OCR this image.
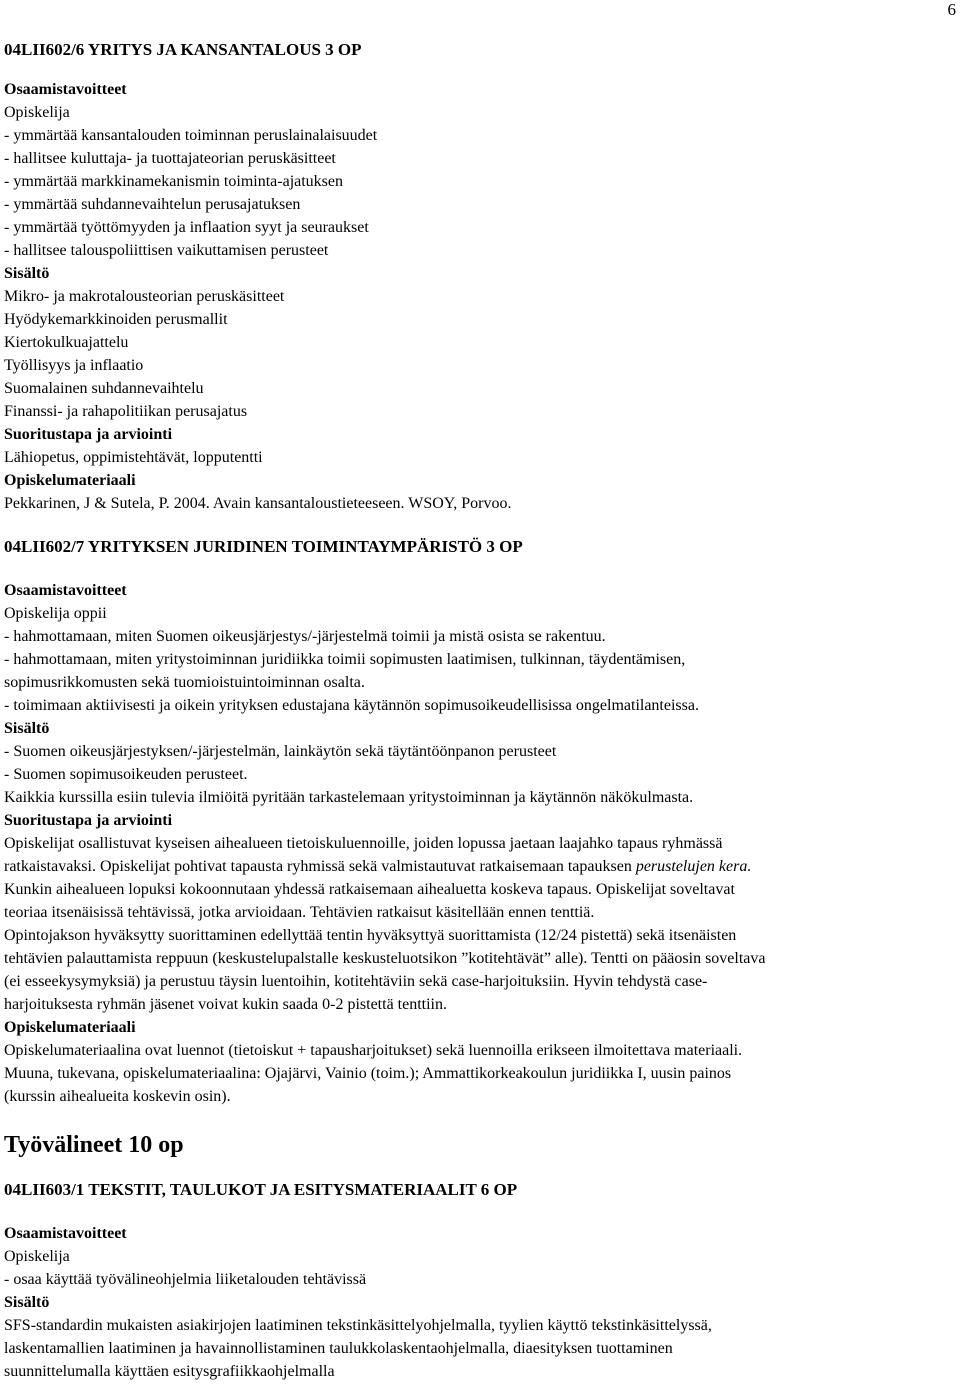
6

04LII602/6 YRITYS JA KANSANTALOUS 3 OP

Osaamistavoitteet

Opiskelija

- ymmärtää kansantalouden toiminnan peruslainalaisuudet

- hallitsee kuluttaja- ja tuottajateorian peruskäsitteet

- ymmärtää markkinamekanismin toiminta-ajatuksen

- ymmärtää suhdannevaihtelun perusajatuksen

- ymmärtää työttömyyden ja inflaation syyt ja seuraukset

- hallitsee talouspoliittisen vaikuttamisen perusteet

Sisältö

Mikro- ja makrotalousteorian peruskäsitteet

Hyödykemarkkinoiden perusmallit

Kiertokulkuajattelu

Työllisyys ja inflaatio

Suomalainen suhdannevaihtelu

Finanssi- ja rahapolitiikan perusajatus

Suoritustapa ja arviointi

Lähiopetus, oppimistehtävät, lopputentti

Opiskelumateriaali

Pekkarinen, J & Sutela, P. 2004. Avain kansantaloustieteeseen. WSOY, Porvoo.

04LII602/7 YRITYKSEN JURIDINEN TOIMINTAYMPÄRISTÖ 3 OP

Osaamistavoitteet

Opiskelija oppii

- hahmottamaan, miten Suomen oikeusjärjestys/-järjestelmä toimii ja mistä osista se rakentuu.

- hahmottamaan, miten yritystoiminnan juridiikka toimii sopimusten laatimisen, tulkinnan, täydentämisen,

sopimusrikkomusten sekä tuomioistuintoiminnan osalta.

- toimimaan aktiivisesti ja oikein yrityksen edustajana käytännön sopimusoikeudellisissa ongelmatilanteissa.

Sisältö

- Suomen oikeusjärjestyksen/-järjestelmän, lainkäytön sekä täytäntöönpanon perusteet

- Suomen sopimusoikeuden perusteet.

Kaikkia kurssilla esiin tulevia ilmiöitä pyritään tarkastelemaan yritystoiminnan ja käytännön näkökulmasta.

Suoritustapa ja arviointi

Opiskelijat osallistuvat kyseisen aihealueen tietoiskuluennoille, joiden lopussa jaetaan laajahko tapaus ryhmässä

ratkaistavaksi. Opiskelijat pohtivat tapausta ryhmissä sekä valmistautuvat ratkaisemaan tapauksen perustelujen kera.

Kunkin aihealueen lopuksi kokoonnutaan yhdessä ratkaisemaan aihealuetta koskeva tapaus. Opiskelijat soveltavat

teoriaa itsenäisissä tehtävissä, jotka arvioidaan. Tehtävien ratkaisut käsitellään ennen tenttiä.

Opintojakson hyväksytty suorittaminen edellyttää tentin hyväksyttyä suorittamista (12/24 pistettä) sekä itsenäisten

tehtävien palauttamista reppuun (keskustelupalstalle keskusteluotsikon ”kotitehtävät” alle). Tentti on pääosin soveltava

(ei esseekysymyksiä) ja perustuu täysin luentoihin, kotitehtäviin sekä case-harjoituksiin. Hyvin tehdystä case-

harjoituksesta ryhmän jäsenet voivat kukin saada 0-2 pistettä tenttiin.

Opiskelumateriaali

Opiskelumateriaalina ovat luennot (tietoiskut + tapausharjoitukset) sekä luennoilla erikseen ilmoitettava materiaali.

Muuna, tukevana, opiskelumateriaalina: Ojajärvi, Vainio (toim.); Ammattikorkeakoulun juridiikka I, uusin painos

(kurssin aihealueita koskevin osin).

Työvälineet 10 op

04LII603/1 TEKSTIT, TAULUKOT JA ESITYSMATERIAALIT 6 OP

Osaamistavoitteet

Opiskelija

- osaa käyttää työvälineohjelmia liiketalouden tehtävissä

Sisältö

SFS-standardin mukaisten asiakirjojen laatiminen tekstinkäsittelyohjelmalla, tyylien käyttö tekstinkäsittelyssä,

laskentamallien laatiminen ja havainnollistaminen taulukkolaskentaohjelmalla, diaesityksen tuottaminen

suunnittelumalla käyttäen esitysgrafiikkaohjelmalla
